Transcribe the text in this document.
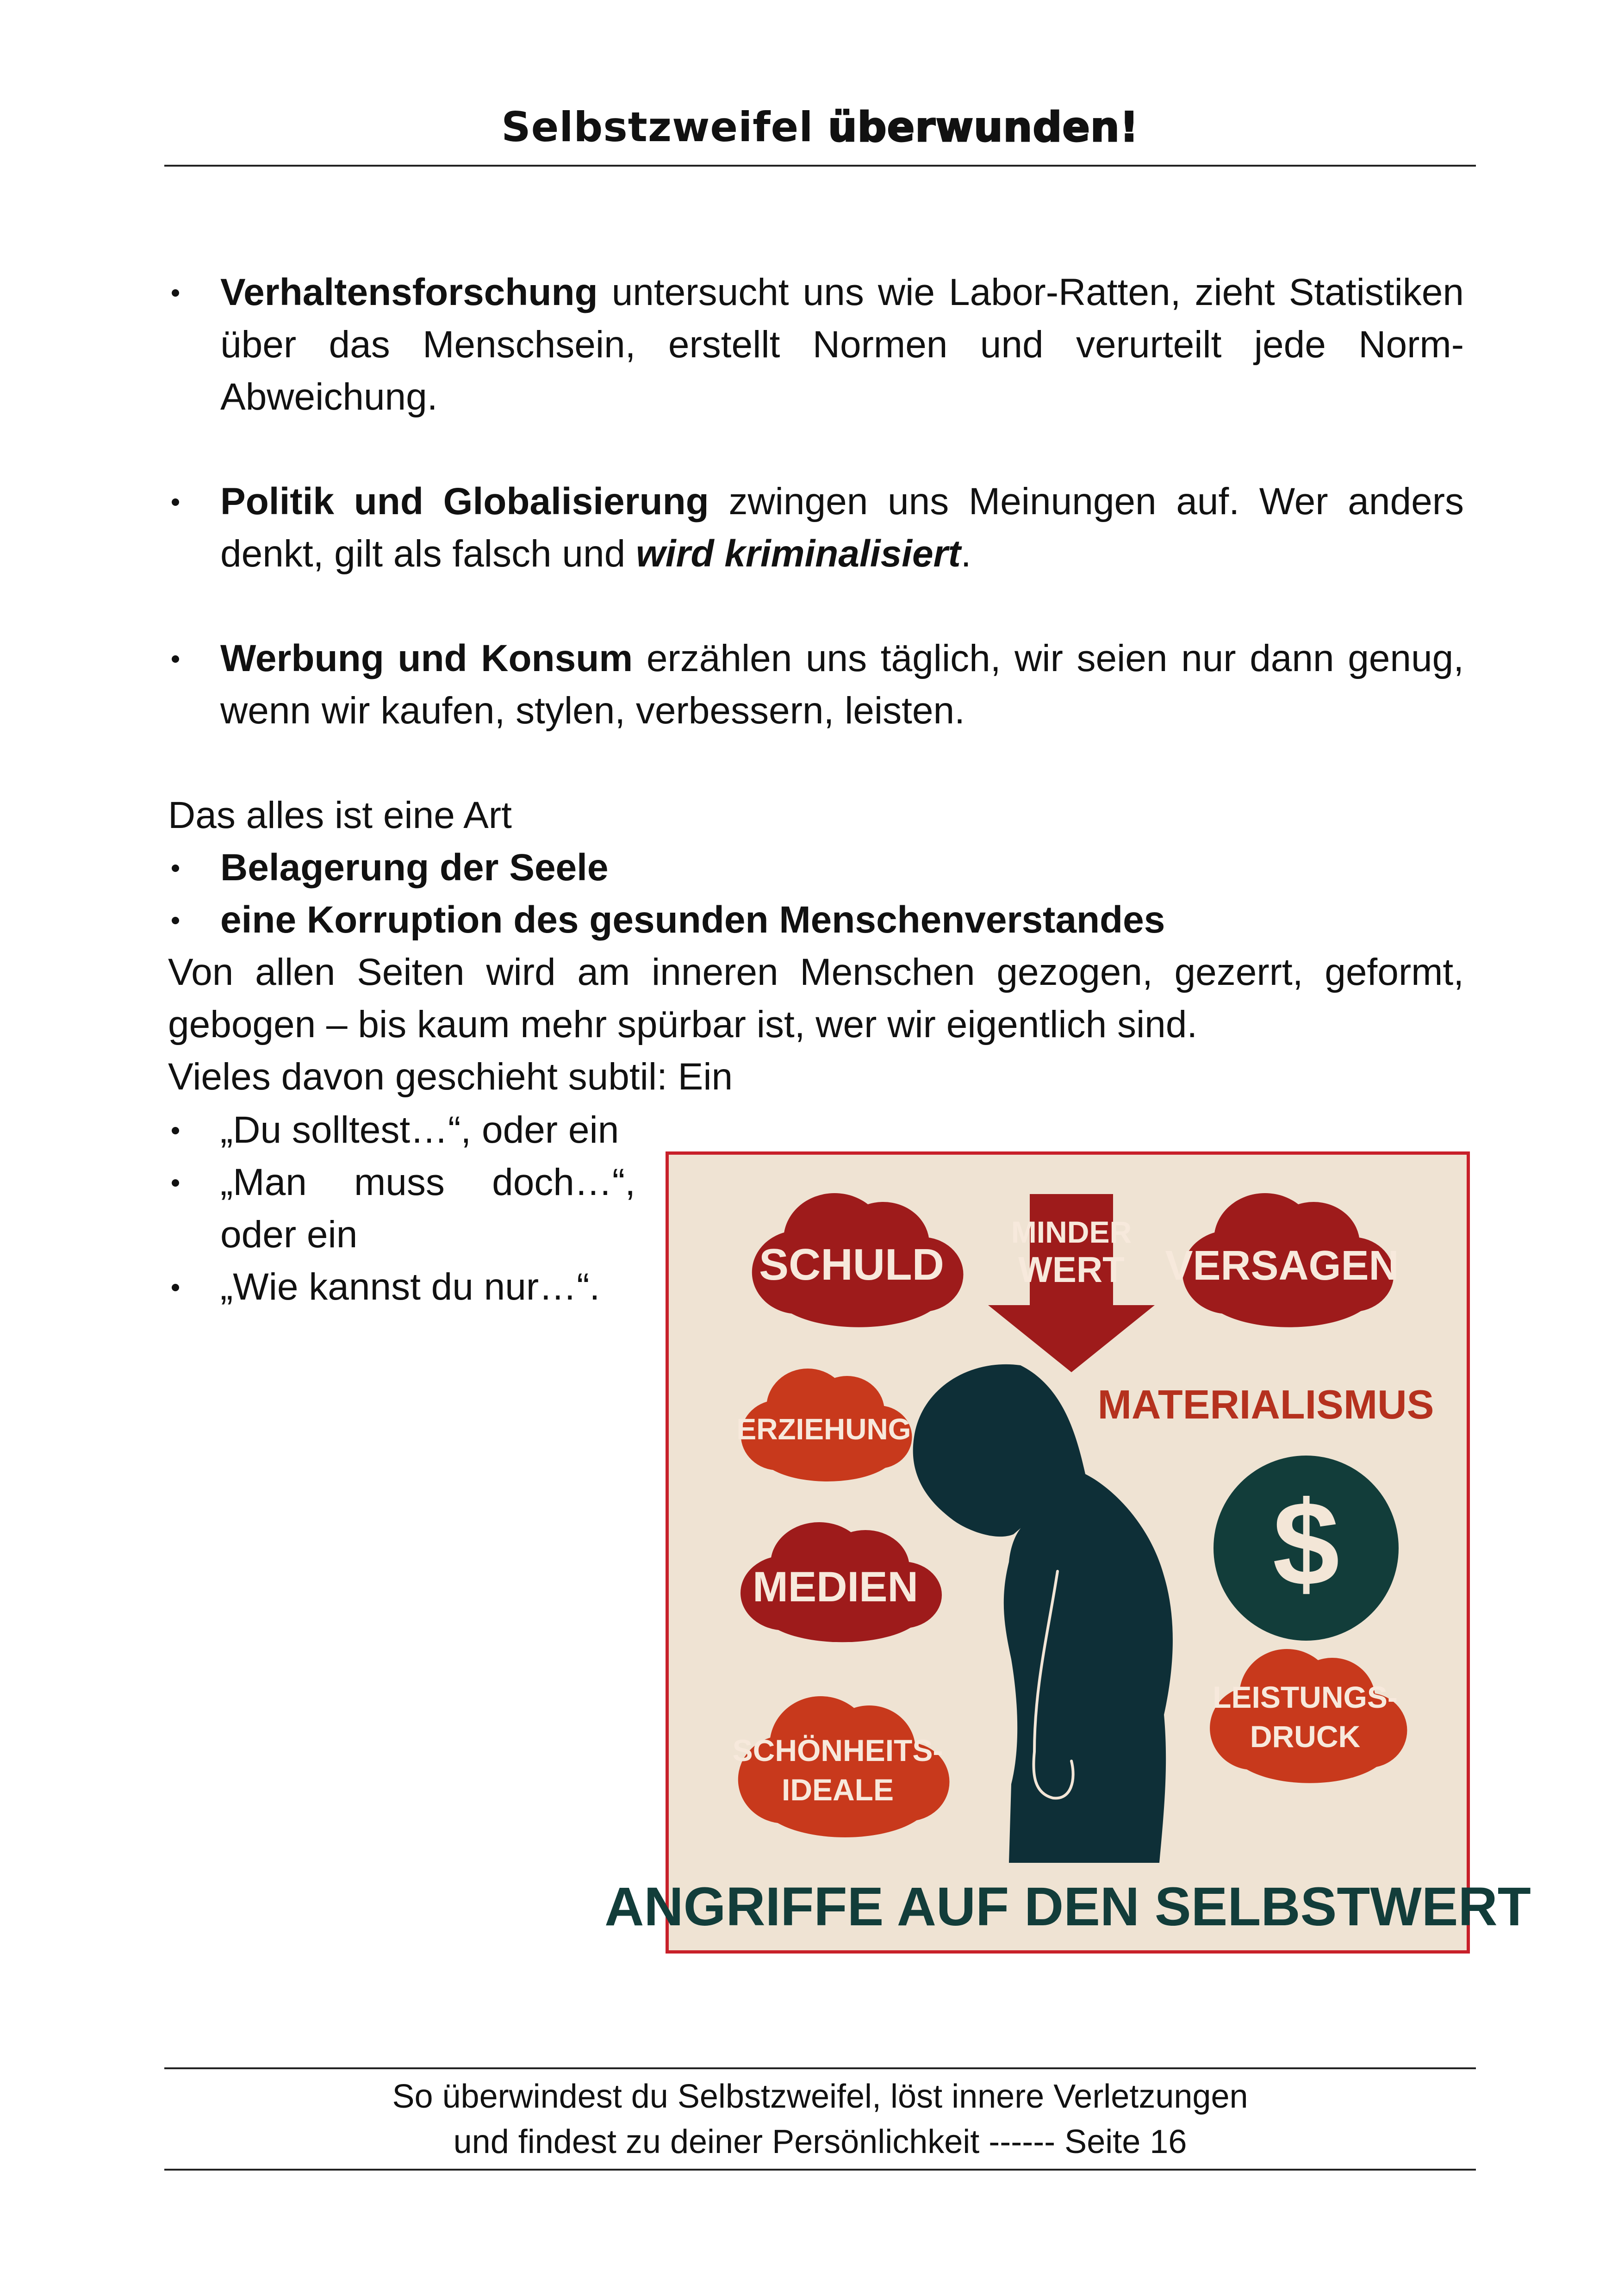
Selbstzweifel überwunden!
Verhaltensforschung untersucht uns wie Labor-Ratten, zieht Statistiken über das Menschsein, erstellt Normen und verurteilt jede Norm-Abweichung.
Politik und Globalisierung zwingen uns Meinungen auf. Wer anders denkt, gilt als falsch und wird kriminalisiert.
Werbung und Konsum erzählen uns täglich, wir seien nur dann genug, wenn wir kaufen, stylen, verbessern, leisten.

Das alles ist eine Art

Belagerung der Seele
eine Korruption des gesunden Menschenverstandes

Von allen Seiten wird am inneren Menschen gezogen, gezerrt, geformt, gebogen – bis kaum mehr spürbar ist, wer wir eigentlich sind.

Vieles davon geschieht subtil: Ein

„Du solltest…“, oder ein
„Man muss doch…“, oder ein
„Wie kannst du nur…“.	SCHULD	VERSAGEN
ERZIEHUNG
MEDIEN
SCHÖNHEITS-
IDEALE
LEISTUNGS-
DRUCK
MINDER
WERT
MATERIALISMUS
$
ANGRIFFE AUF DEN SELBSTWERT
So überwindest du Selbstzweifel, löst innere Verletzungen
und findest zu deiner Persönlichkeit ------ Seite 16
